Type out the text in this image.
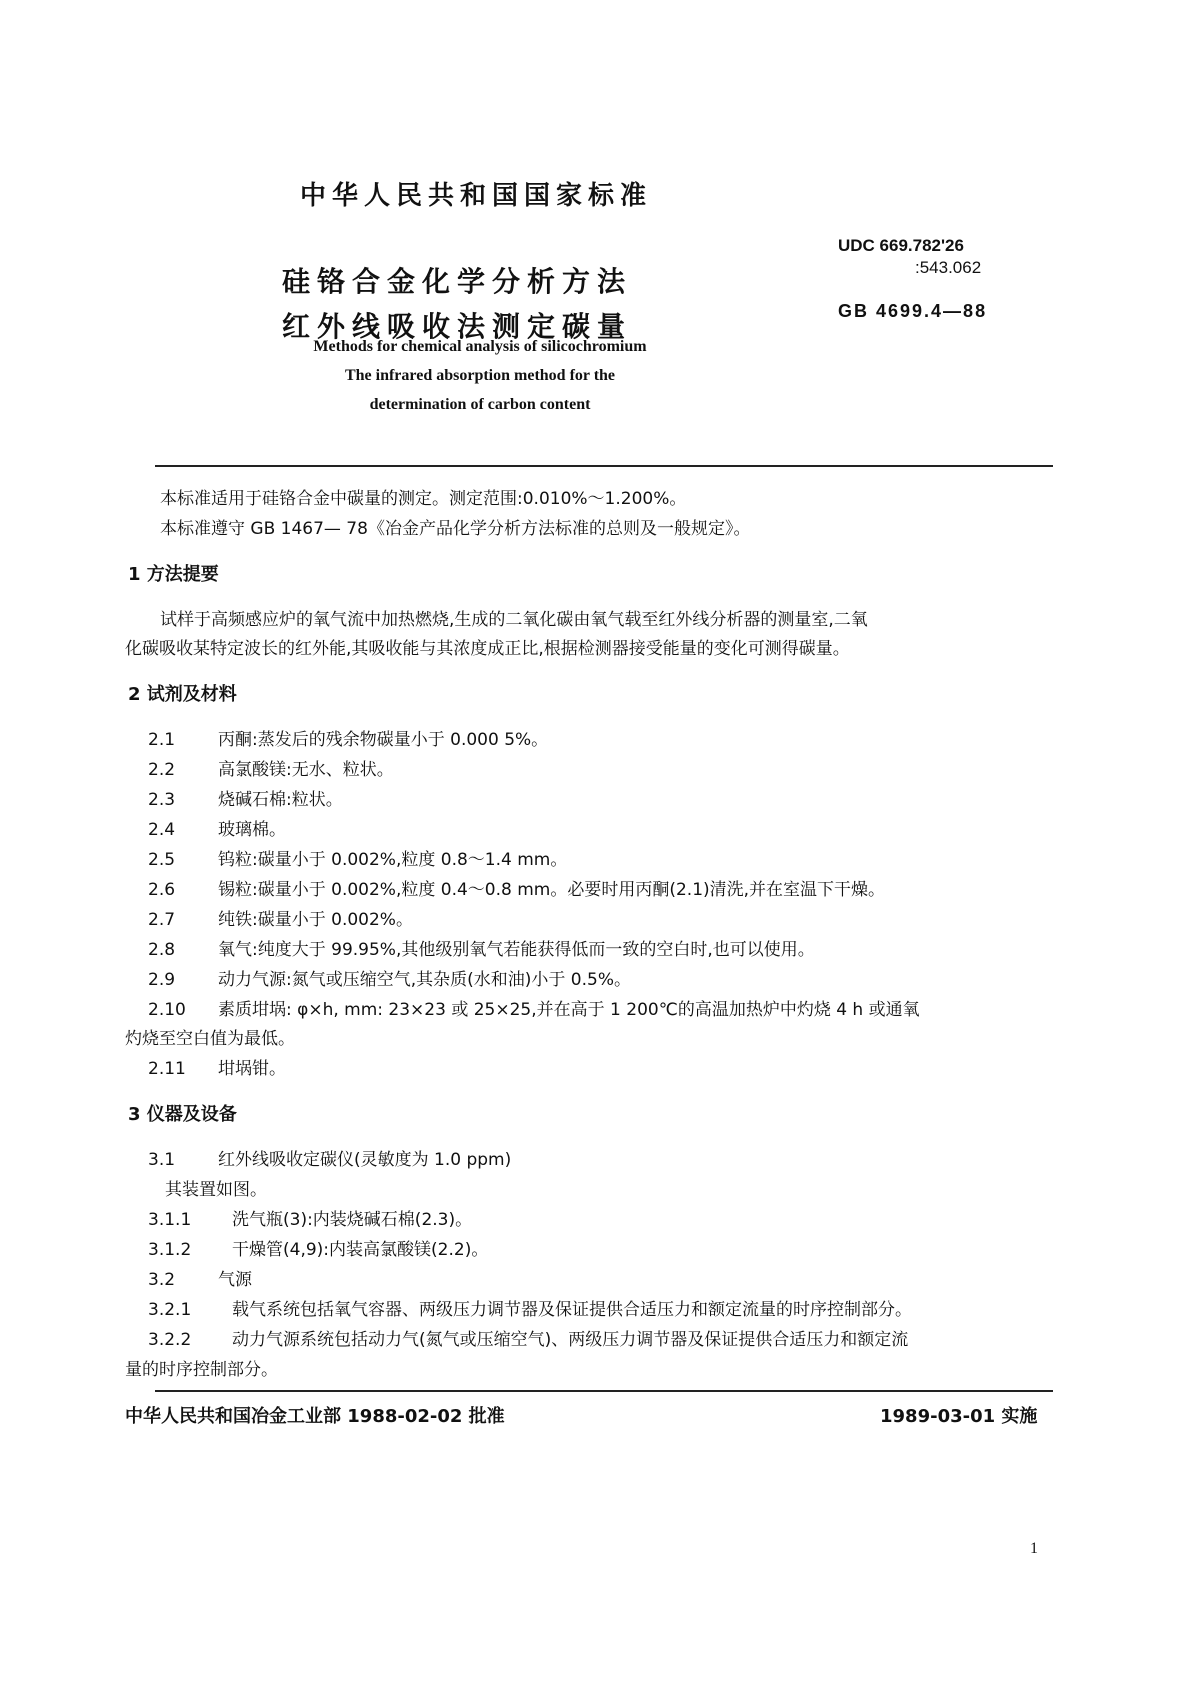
中华人民共和国国家标准
硅铬合金化学分析方法
红外线吸收法测定碳量
UDC 669.782'26
:543.062
GB 4699.4—88
Methods for chemical analysis of silicochromium
The infrared absorption method for the
determination of carbon content
本标准适用于硅铬合金中碳量的测定。测定范围:0.010%～1.200%。
本标准遵守 GB 1467— 78《冶金产品化学分析方法标准的总则及一般规定》。
1 方法提要
试样于高频感应炉的氧气流中加热燃烧,生成的二氧化碳由氧气载至红外线分析器的测量室,二氧
化碳吸收某特定波长的红外能,其吸收能与其浓度成正比,根据检测器接受能量的变化可测得碳量。
2 试剂及材料
2.1	丙酮:蒸发后的残余物碳量小于 0.000 5%。
2.2	高氯酸镁:无水、粒状。
2.3	烧碱石棉:粒状。
2.4	玻璃棉。
2.5	钨粒:碳量小于 0.002%,粒度 0.8～1.4 mm。
2.6	锡粒:碳量小于 0.002%,粒度 0.4～0.8 mm。必要时用丙酮(2.1)清洗,并在室温下干燥。
2.7	纯铁:碳量小于 0.002%。
2.8	氧气:纯度大于 99.95%,其他级别氧气若能获得低而一致的空白时,也可以使用。
2.9	动力气源:氮气或压缩空气,其杂质(水和油)小于 0.5%。
2.10 素质坩埚: φ×h, mm: 23×23 或 25×25,并在高于 1 200℃的高温加热炉中灼烧 4 h 或通氧
灼烧至空白值为最低。
2.11 坩埚钳。
3 仪器及设备
3.1	红外线吸收定碳仪(灵敏度为 1.0 ppm)
其装置如图。
3.1.1 洗气瓶(3):内装烧碱石棉(2.3)。
3.1.2 干燥管(4,9):内装高氯酸镁(2.2)。
3.2	气源
3.2.1 载气系统包括氧气容器、两级压力调节器及保证提供合适压力和额定流量的时序控制部分。
3.2.2 动力气源系统包括动力气(氮气或压缩空气)、两级压力调节器及保证提供合适压力和额定流
量的时序控制部分。
中华人民共和国冶金工业部 1988-02-02 批准	1989-03-01 实施
1
